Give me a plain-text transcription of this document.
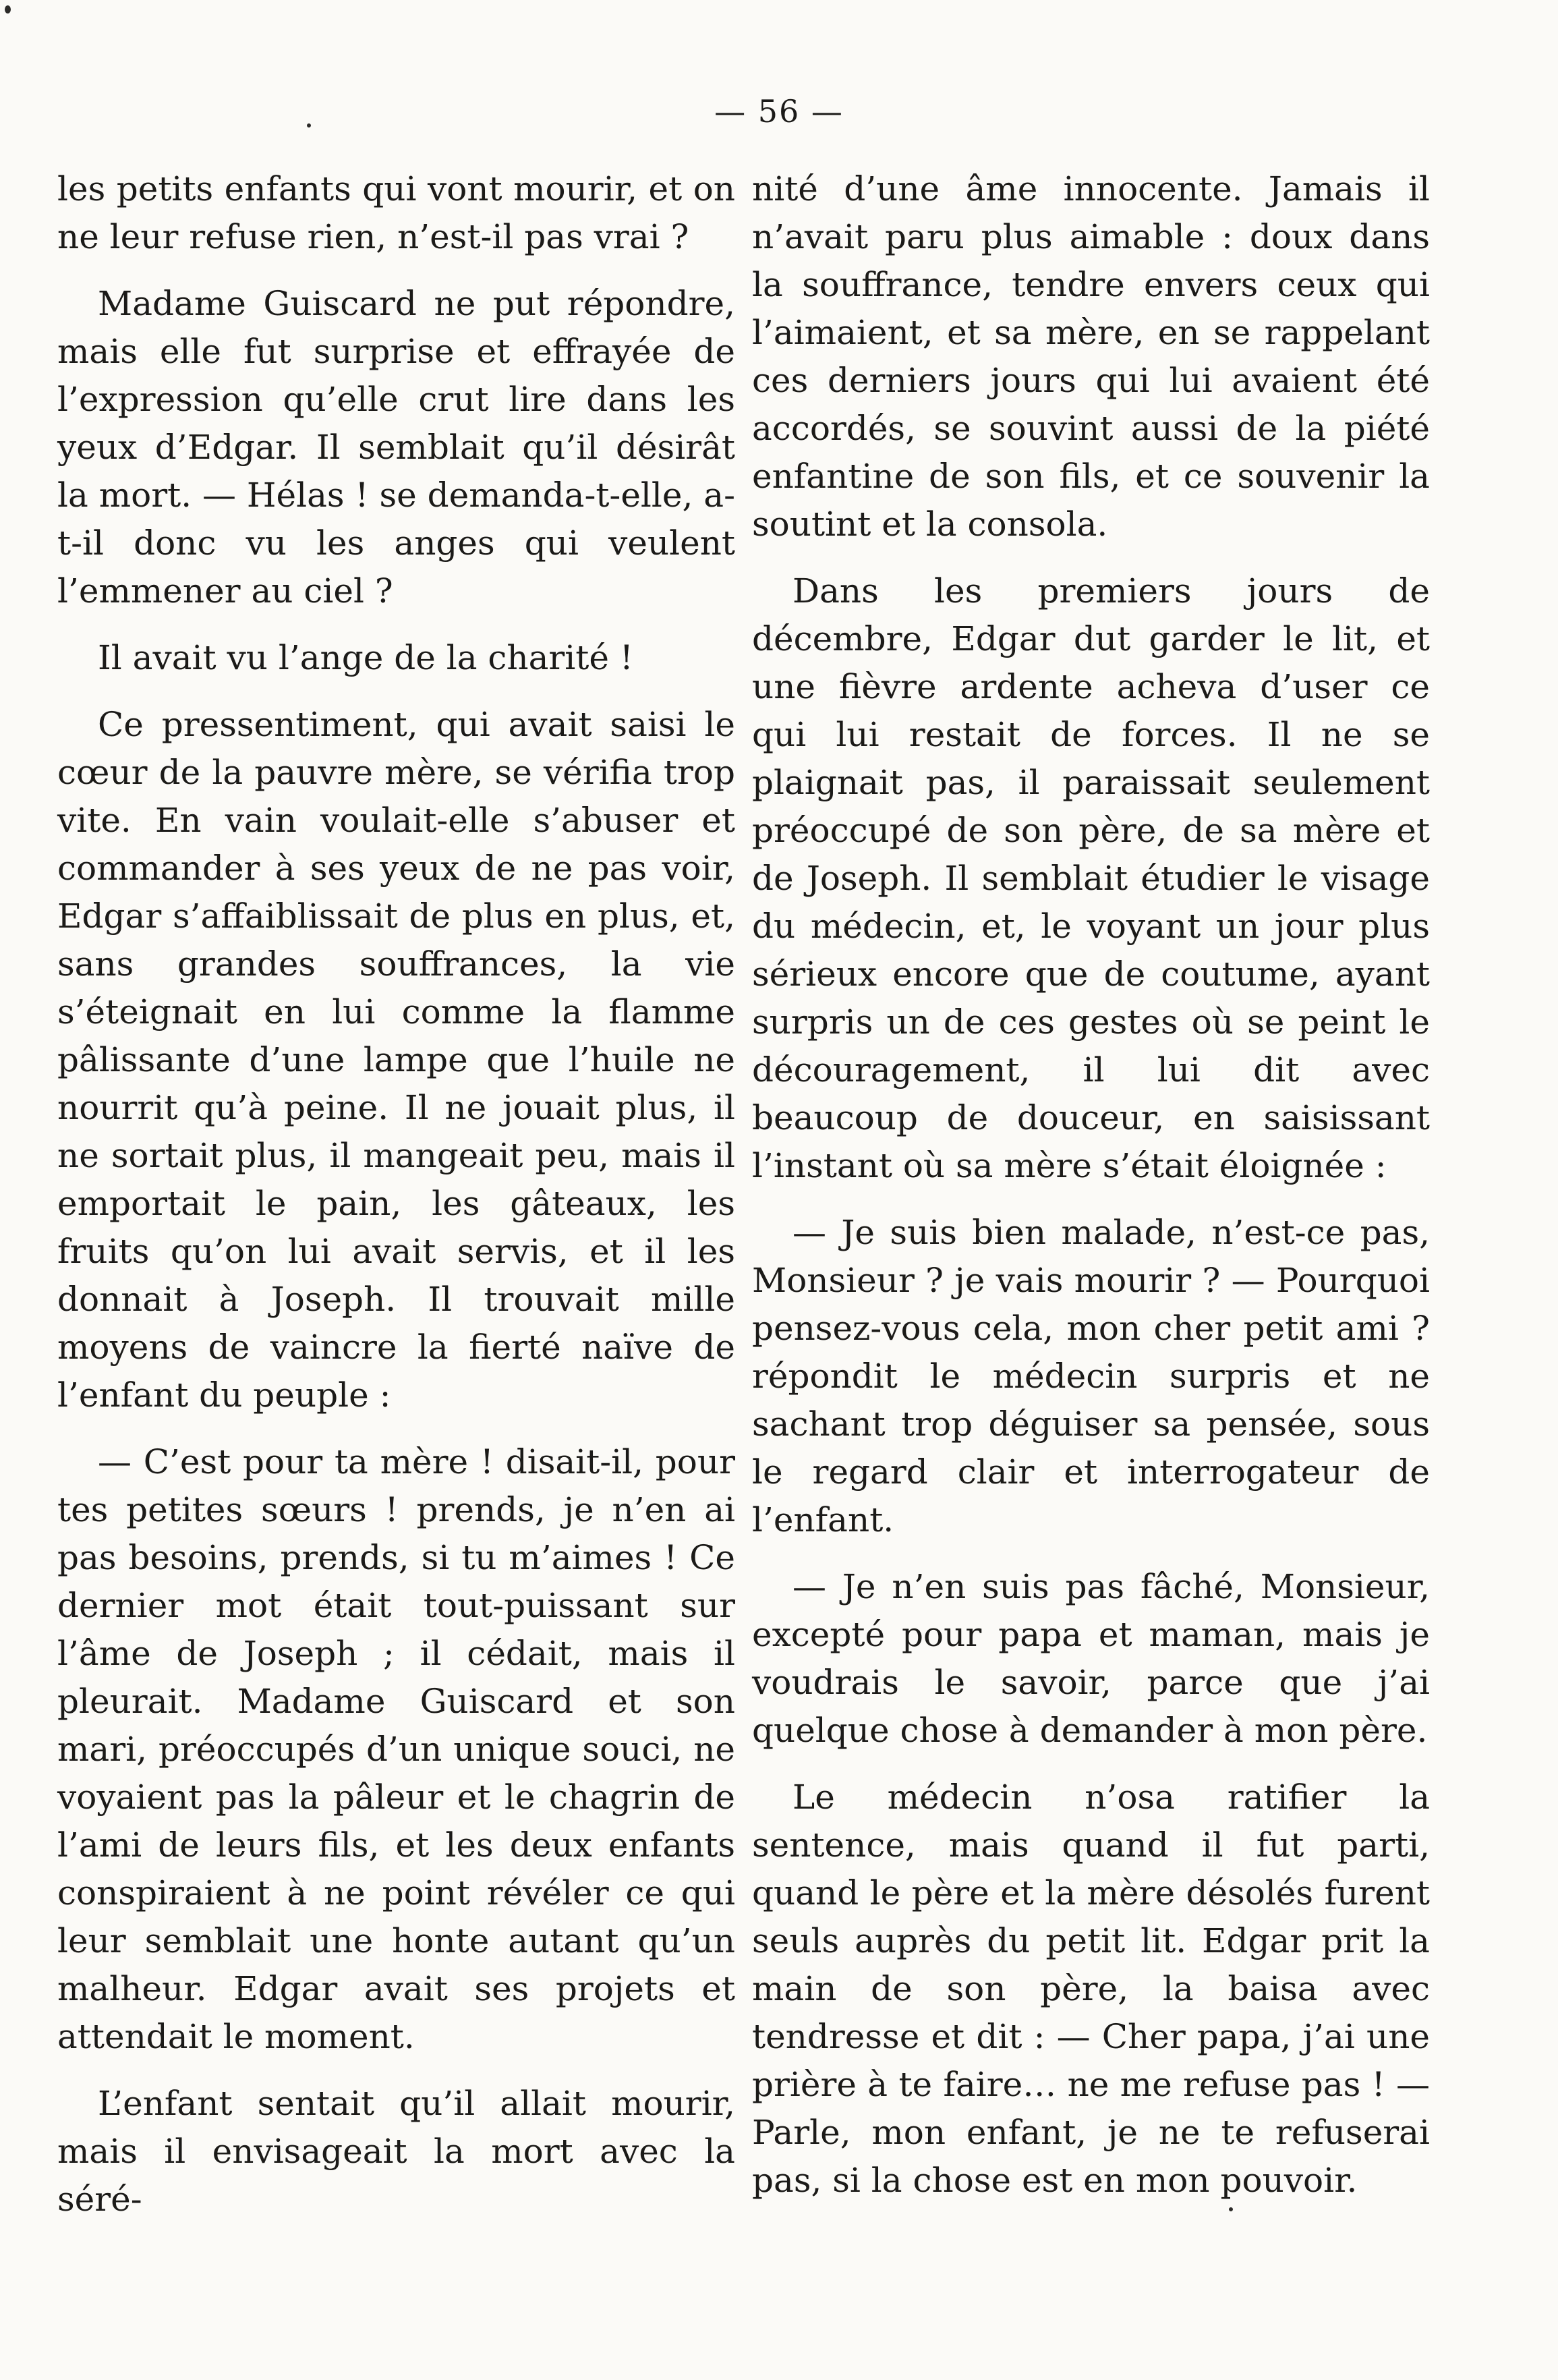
— 56 —

les petits enfants qui vont mourir, et on ne leur refuse rien, n’est-il pas vrai ?

Madame Guiscard ne put répondre, mais elle fut surprise et effrayée de l’expression qu’elle crut lire dans les yeux d’Edgar. Il semblait qu’il désirât la mort. — Hélas ! se demanda-t-elle, a-t-il donc vu les anges qui veulent l’emmener au ciel ?

Il avait vu l’ange de la charité !

Ce pressentiment, qui avait saisi le cœur de la pauvre mère, se vérifia trop vite. En vain voulait-elle s’abuser et commander à ses yeux de ne pas voir, Edgar s’affaiblissait de plus en plus, et, sans grandes souffrances, la vie s’éteignait en lui comme la flamme pâlissante d’une lampe que l’huile ne nourrit qu’à peine. Il ne jouait plus, il ne sortait plus, il mangeait peu, mais il emportait le pain, les gâteaux, les fruits qu’on lui avait servis, et il les donnait à Joseph. Il trouvait mille moyens de vaincre la fierté naïve de l’enfant du peuple :

— C’est pour ta mère ! disait-il, pour tes petites sœurs ! prends, je n’en ai pas besoins, prends, si tu m’aimes ! Ce dernier mot était tout-puissant sur l’âme de Joseph ; il cédait, mais il pleurait. Madame Guiscard et son mari, préoccupés d’un unique souci, ne voyaient pas la pâleur et le chagrin de l’ami de leurs fils, et les deux enfants conspiraient à ne point révéler ce qui leur semblait une honte autant qu’un malheur. Edgar avait ses projets et attendait le moment.

L’enfant sentait qu’il allait mourir, mais il envisageait la mort avec la séré-

nité d’une âme innocente. Jamais il n’avait paru plus aimable : doux dans la souffrance, tendre envers ceux qui l’aimaient, et sa mère, en se rappelant ces derniers jours qui lui avaient été accordés, se souvint aussi de la piété enfantine de son fils, et ce souvenir la soutint et la consola.

Dans les premiers jours de décembre, Edgar dut garder le lit, et une fièvre ardente acheva d’user ce qui lui restait de forces. Il ne se plaignait pas, il paraissait seulement préoccupé de son père, de sa mère et de Joseph. Il semblait étudier le visage du médecin, et, le voyant un jour plus sérieux encore que de coutume, ayant surpris un de ces gestes où se peint le découragement, il lui dit avec beaucoup de douceur, en saisissant l’instant où sa mère s’était éloignée :

— Je suis bien malade, n’est-ce pas, Monsieur ? je vais mourir ? — Pourquoi pensez-vous cela, mon cher petit ami ? répondit le médecin surpris et ne sachant trop déguiser sa pensée, sous le regard clair et interrogateur de l’enfant.

— Je n’en suis pas fâché, Monsieur, excepté pour papa et maman, mais je voudrais le savoir, parce que j’ai quelque chose à demander à mon père.

Le médecin n’osa ratifier la sentence, mais quand il fut parti, quand le père et la mère désolés furent seuls auprès du petit lit. Edgar prit la main de son père, la baisa avec tendresse et dit : — Cher papa, j’ai une prière à te faire… ne me refuse pas ! — Parle, mon enfant, je ne te refuserai pas, si la chose est en mon pouvoir.
